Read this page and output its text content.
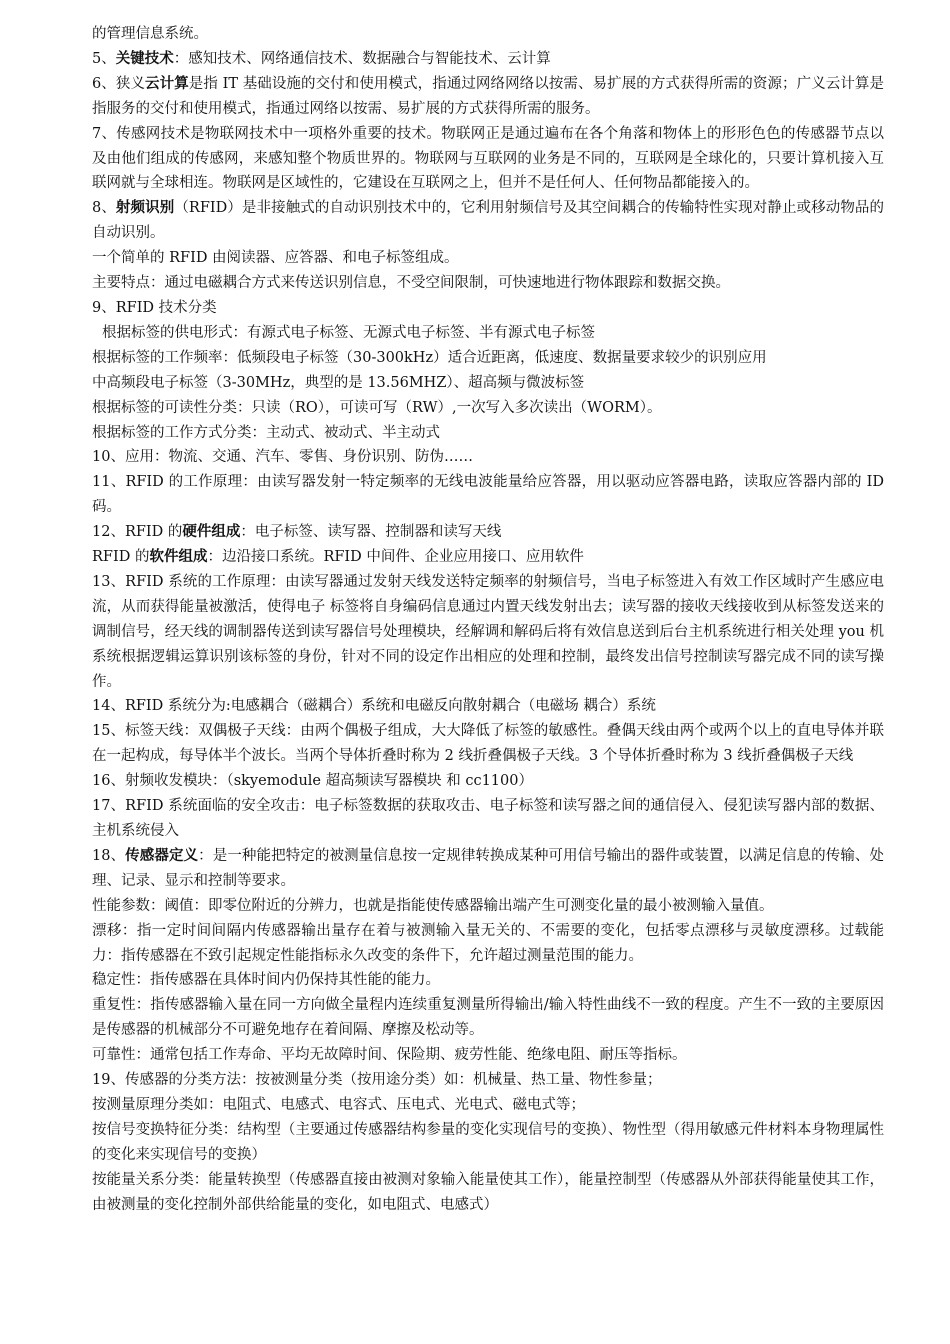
的管理信息系统。

5、关键技术：感知技术、网络通信技术、数据融合与智能技术、云计算

6、狭义云计算是指 IT 基础设施的交付和使用模式，指通过网络网络以按需、易扩展的方式获得所需的资源；广义云计算是指服务的交付和使用模式，指通过网络以按需、易扩展的方式获得所需的服务。

7、传感网技术是物联网技术中一项格外重要的技术。物联网正是通过遍布在各个角落和物体上的形形色色的传感器节点以及由他们组成的传感网，来感知整个物质世界的。物联网与互联网的业务是不同的，互联网是全球化的，只要计算机接入互联网就与全球相连。物联网是区域性的，它建设在互联网之上，但并不是任何人、任何物品都能接入的。

8、射频识别（RFID）是非接触式的自动识别技术中的，它利用射频信号及其空间耦合的传输特性实现对静止或移动物品的自动识别。

一个简单的 RFID 由阅读器、应答器、和电子标签组成。

主要特点：通过电磁耦合方式来传送识别信息，不受空间限制，可快速地进行物体跟踪和数据交换。

9、RFID 技术分类

根据标签的供电形式：有源式电子标签、无源式电子标签、半有源式电子标签

根据标签的工作频率：低频段电子标签（30-300kHz）适合近距离，低速度、数据量要求较少的识别应用

中高频段电子标签（3-30MHz，典型的是 13.56MHZ）、超高频与微波标签

根据标签的可读性分类：只读（RO），可读可写（RW）,一次写入多次读出（WORM）。

根据标签的工作方式分类：主动式、被动式、半主动式

10、应用：物流、交通、汽车、零售、身份识别、防伪……

11、RFID 的工作原理：由读写器发射一特定频率的无线电波能量给应答器，用以驱动应答器电路，读取应答器内部的 ID 码。

12、RFID 的硬件组成：电子标签、读写器、控制器和读写天线

RFID 的软件组成：边沿接口系统。RFID 中间件、企业应用接口、应用软件

13、RFID 系统的工作原理：由读写器通过发射天线发送特定频率的射频信号，当电子标签进入有效工作区域时产生感应电流，从而获得能量被激活，使得电子 标签将自身编码信息通过内置天线发射出去；读写器的接收天线接收到从标签发送来的调制信号，经天线的调制器传送到读写器信号处理模块，经解调和解码后将有效信息送到后台主机系统进行相关处理 you 机系统根据逻辑运算识别该标签的身份，针对不同的设定作出相应的处理和控制，最终发出信号控制读写器完成不同的读写操作。

14、RFID 系统分为:电感耦合（磁耦合）系统和电磁反向散射耦合（电磁场 耦合）系统

15、标签天线：双偶极子天线：由两个偶极子组成，大大降低了标签的敏感性。叠偶天线由两个或两个以上的直电导体并联在一起构成，每导体半个波长。当两个导体折叠时称为 2 线折叠偶极子天线。3 个导体折叠时称为 3 线折叠偶极子天线

16、射频收发模块：（skyemodule 超高频读写器模块 和 cc1100）

17、RFID 系统面临的安全攻击：电子标签数据的获取攻击、电子标签和读写器之间的通信侵入、侵犯读写器内部的数据、主机系统侵入

18、传感器定义：是一种能把特定的被测量信息按一定规律转换成某种可用信号输出的器件或装置，以满足信息的传输、处理、记录、显示和控制等要求。

性能参数：阈值：即零位附近的分辨力，也就是指能使传感器输出端产生可测变化量的最小被测输入量值。

漂移：指一定时间间隔内传感器输出量存在着与被测输入量无关的、不需要的变化，包括零点漂移与灵敏度漂移。过载能力：指传感器在不致引起规定性能指标永久改变的条件下，允许超过测量范围的能力。

稳定性：指传感器在具体时间内仍保持其性能的能力。

重复性：指传感器输入量在同一方向做全量程内连续重复测量所得输出/输入特性曲线不一致的程度。产生不一致的主要原因是传感器的机械部分不可避免地存在着间隔、摩擦及松动等。

可靠性：通常包括工作寿命、平均无故障时间、保险期、疲劳性能、绝缘电阻、耐压等指标。

19、传感器的分类方法：按被测量分类（按用途分类）如：机械量、热工量、物性参量；

按测量原理分类如：电阻式、电感式、电容式、压电式、光电式、磁电式等；

按信号变换特征分类：结构型（主要通过传感器结构参量的变化实现信号的变换）、物性型（得用敏感元件材料本身物理属性的变化来实现信号的变换）

按能量关系分类：能量转换型（传感器直接由被测对象输入能量使其工作），能量控制型（传感器从外部获得能量使其工作，由被测量的变化控制外部供给能量的变化，如电阻式、电感式）
